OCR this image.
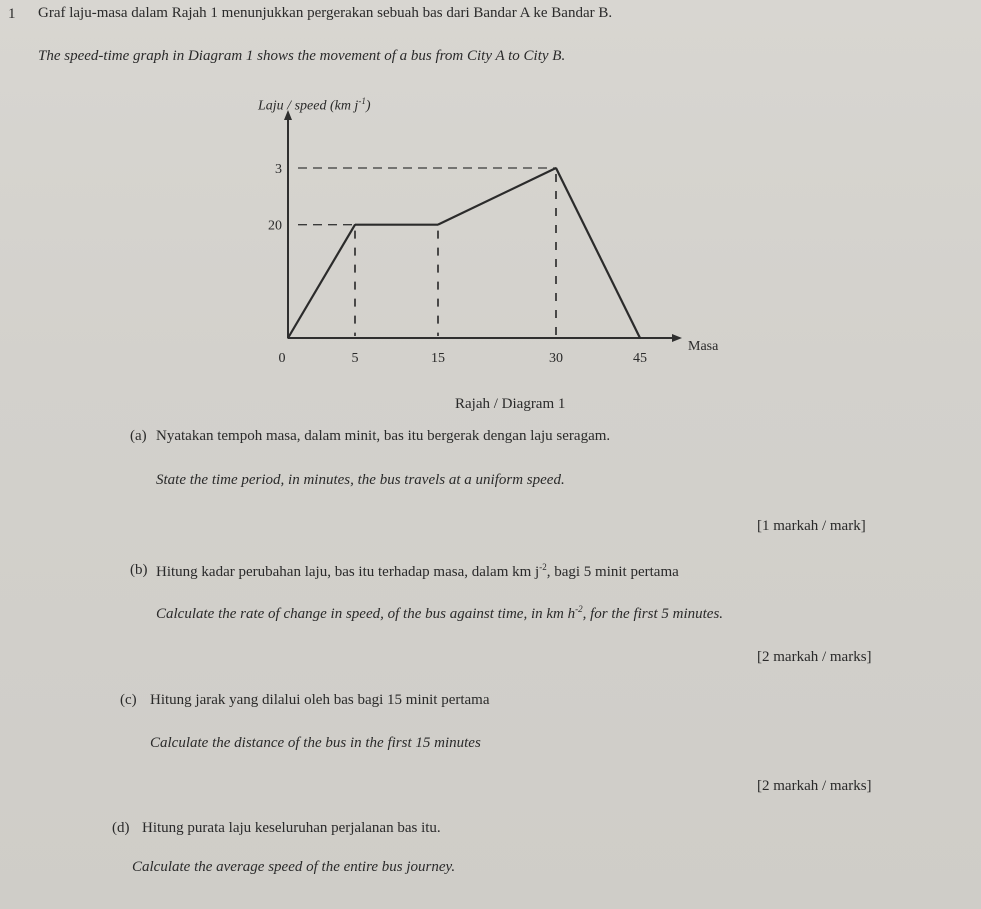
1 Graf laju-masa dalam Rajah 1 menunjukkan pergerakan sebuah bas dari Bandar A ke Bandar B.
The speed-time graph in Diagram 1 shows the movement of a bus from City A to City B.
0	5	15	30	45
20
3
Laju / speed (km $j^{-1}$)
Masa
Rajah / Diagram 1
(a) Nyatakan tempoh masa, dalam minit, bas itu bergerak dengan laju seragam.
State the time period, in minutes, the bus travels at a uniform speed.
[1 markah / mark]
(b) Hitung kadar perubahan laju, bas itu terhadap masa, dalam km $j^{-2}$, bagi 5 minit pertama
Calculate the rate of change in speed, of the bus against time, in km $h^{-2}$, for the first 5 minutes.
[2 markah / marks]
(c) Hitung jarak yang dilalui oleh bas bagi 15 minit pertama
Calculate the distance of the bus in the first 15 minutes
[2 markah / marks]
(d) Hitung purata laju keseluruhan perjalanan bas itu.
Calculate the average speed of the entire bus journey.
